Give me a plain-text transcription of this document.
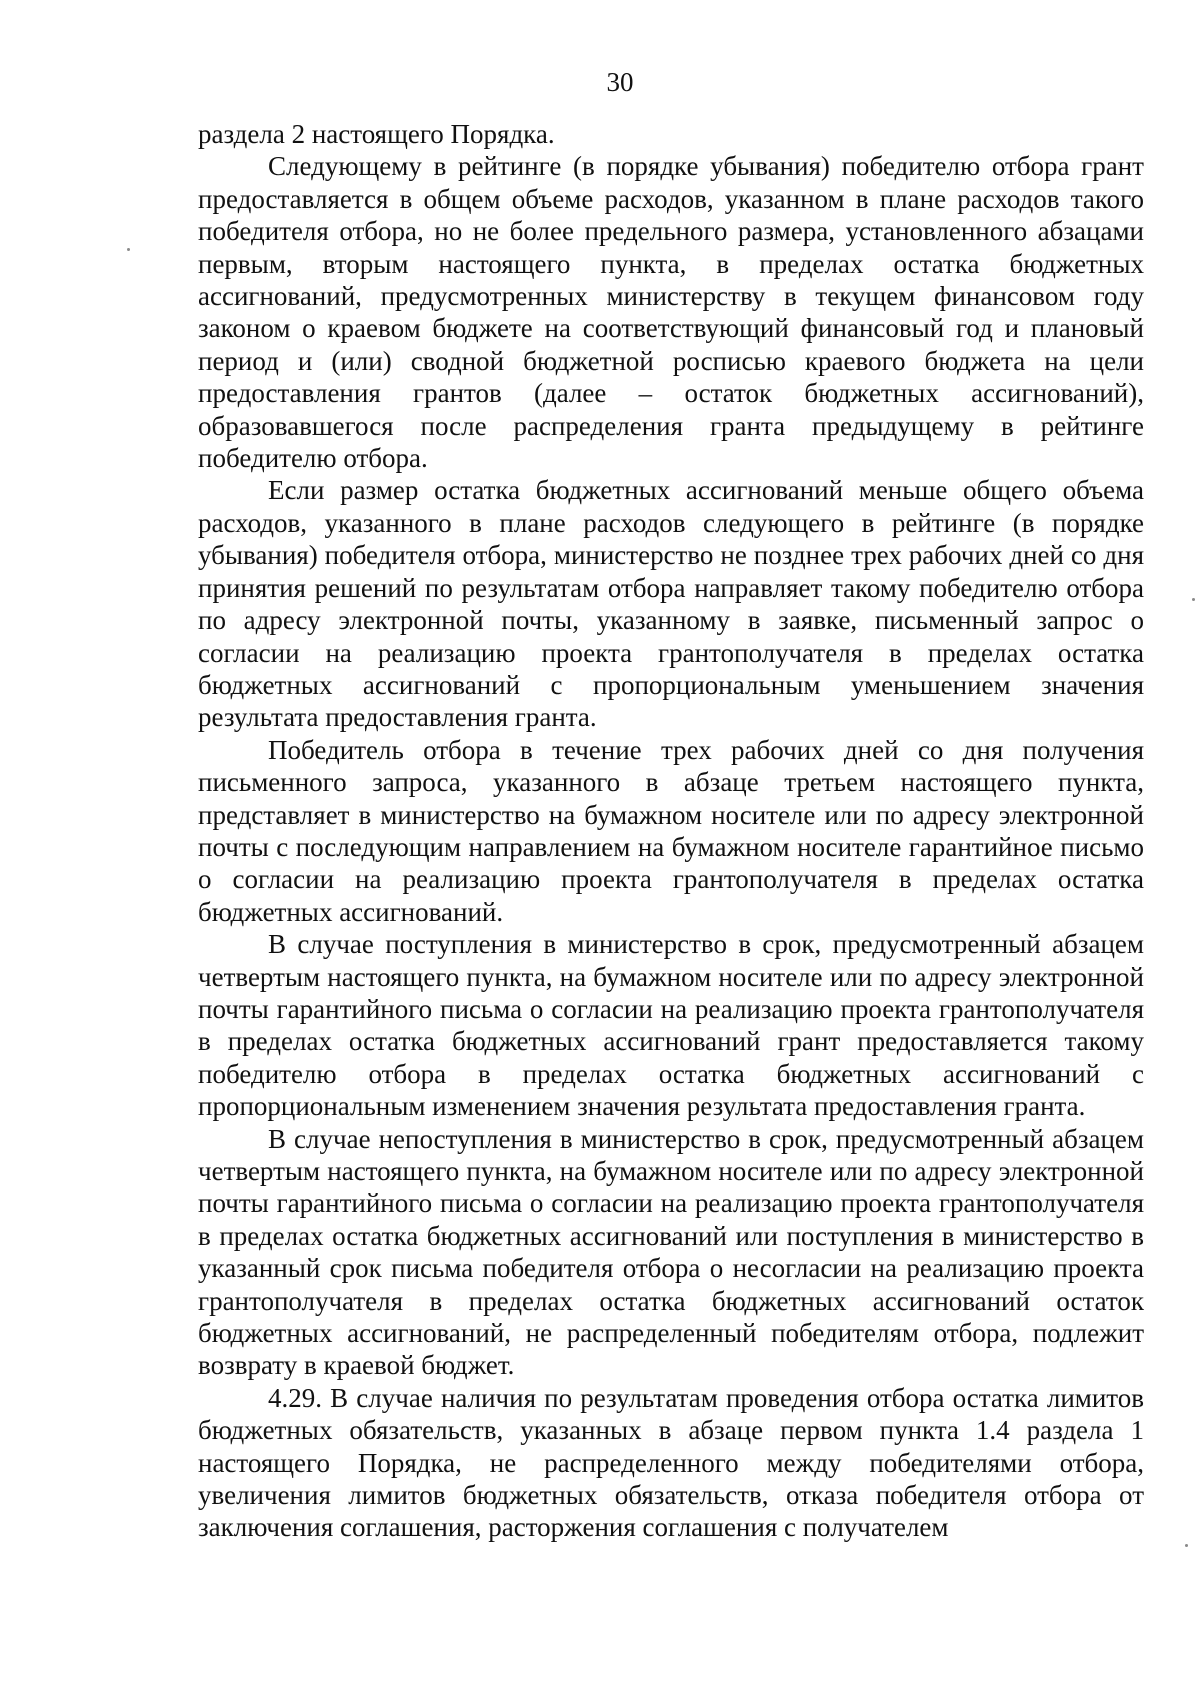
30

раздела 2 настоящего Порядка.

Следующему в рейтинге (в порядке убывания) победителю отбора грант предоставляется в общем объеме расходов, указанном в плане расходов такого победителя отбора, но не более предельного размера, установленного абзацами первым, вторым настоящего пункта, в пределах остатка бюджетных ассигнований, предусмотренных министерству в текущем финансовом году законом о краевом бюджете на соответствующий финансовый год и плановый период и (или) сводной бюджетной росписью краевого бюджета на цели предоставления грантов (далее – остаток бюджетных ассигнований), образовавшегося после распределения гранта предыдущему в рейтинге победителю отбора.

Если размер остатка бюджетных ассигнований меньше общего объема расходов, указанного в плане расходов следующего в рейтинге (в порядке убывания) победителя отбора, министерство не позднее трех рабочих дней со дня принятия решений по результатам отбора направляет такому победителю отбора по адресу электронной почты, указанному в заявке, письменный запрос о согласии на реализацию проекта грантополучателя в пределах остатка бюджетных ассигнований с пропорциональным уменьшением значения результата предоставления гранта.

Победитель отбора в течение трех рабочих дней со дня получения письменного запроса, указанного в абзаце третьем настоящего пункта, представляет в министерство на бумажном носителе или по адресу электронной почты с последующим направлением на бумажном носителе гарантийное письмо о согласии на реализацию проекта грантополучателя в пределах остатка бюджетных ассигнований.

В случае поступления в министерство в срок, предусмотренный абзацем четвертым настоящего пункта, на бумажном носителе или по адресу электронной почты гарантийного письма о согласии на реализацию проекта грантополучателя в пределах остатка бюджетных ассигнований грант предоставляется такому победителю отбора в пределах остатка бюджетных ассигнований с пропорциональным изменением значения результата предоставления гранта.

В случае непоступления в министерство в срок, предусмотренный абзацем четвертым настоящего пункта, на бумажном носителе или по адресу электронной почты гарантийного письма о согласии на реализацию проекта грантополучателя в пределах остатка бюджетных ассигнований или поступления в министерство в указанный срок письма победителя отбора о несогласии на реализацию проекта грантополучателя в пределах остатка бюджетных ассигнований остаток бюджетных ассигнований, не распределенный победителям отбора, подлежит возврату в краевой бюджет.

4.29. В случае наличия по результатам проведения отбора остатка лимитов бюджетных обязательств, указанных в абзаце первом пункта 1.4 раздела 1 настоящего Порядка, не распределенного между победителями отбора, увеличения лимитов бюджетных обязательств, отказа победителя отбора от заключения соглашения, расторжения соглашения с получателем
